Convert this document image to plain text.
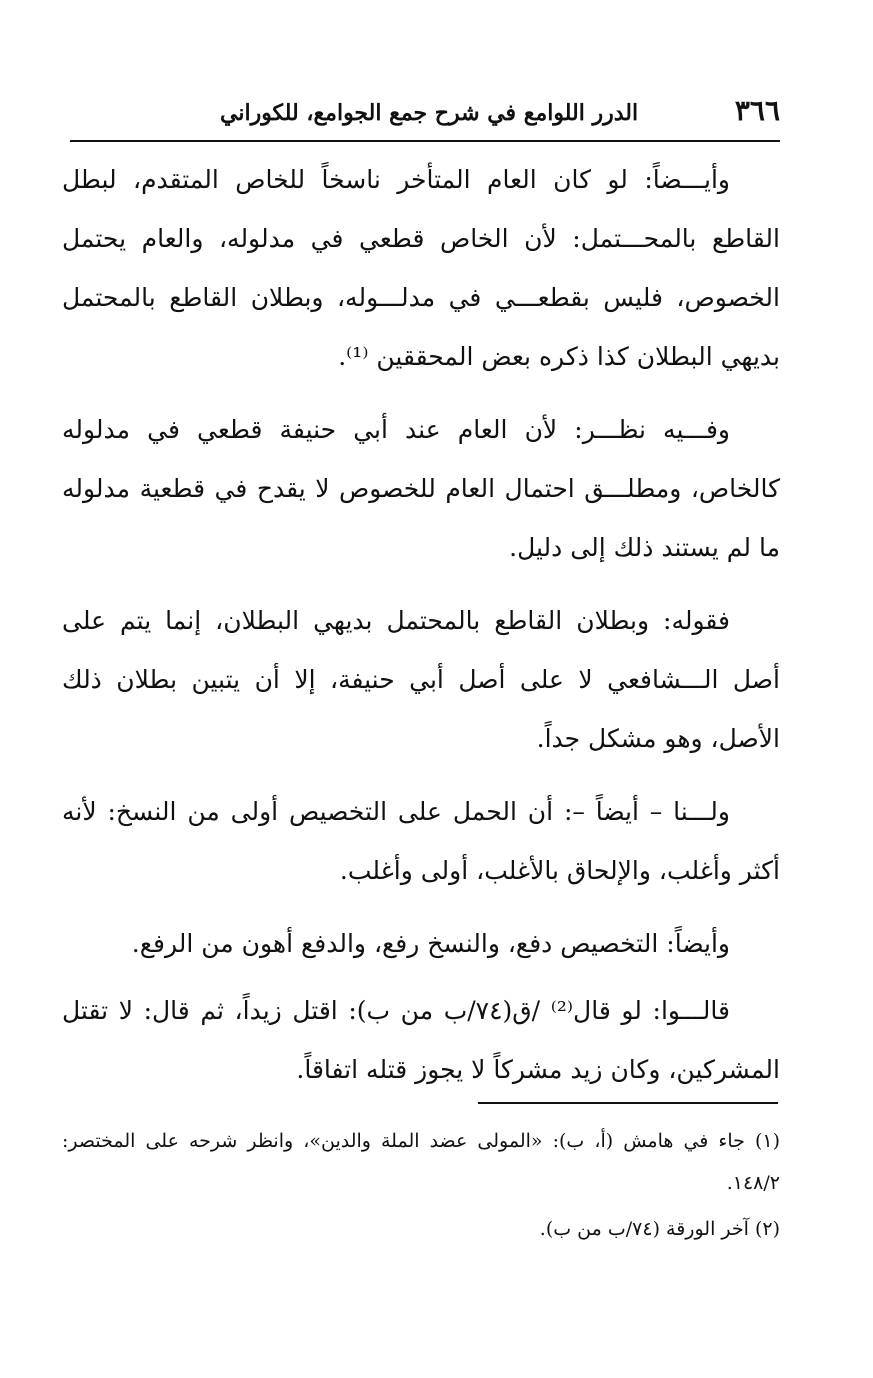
٣٦٦
الدرر اللوامع في شرح جمع الجوامع، للكوراني

وأيـــضاً: لو كان العام المتأخر ناسخاً للخاص المتقدم، لبطل القاطع بالمحـــتمل: لأن الخاص قطعي في مدلوله، والعام يحتمل الخصوص، فليس بقطعـــي في مدلـــوله، وبطلان القاطع بالمحتمل بديهي البطلان كذا ذكره بعض المحققين ⁽¹⁾.

وفـــيه نظـــر: لأن العام عند أبي حنيفة قطعي في مدلوله كالخاص، ومطلـــق احتمال العام للخصوص لا يقدح في قطعية مدلوله ما لم يستند ذلك إلى دليل.

فقوله: وبطلان القاطع بالمحتمل بديهي البطلان، إنما يتم على أصل الـــشافعي لا على أصل أبي حنيفة، إلا أن يتبين بطلان ذلك الأصل، وهو مشكل جداً.

ولـــنا – أيضاً –: أن الحمل على التخصيص أولى من النسخ: لأنه أكثر وأغلب، والإلحاق بالأغلب، أولى وأغلب.

وأيضاً: التخصيص دفع، والنسخ رفع، والدفع أهون من الرفع.

قالـــوا: لو قال⁽²⁾ /ق(٧٤/ب من ب): اقتل زيداً، ثم قال: لا تقتل المشركين، وكان زيد مشركاً لا يجوز قتله اتفاقاً.

(١) جاء في هامش (أ، ب): «المولى عضد الملة والدين»، وانظر شرحه على المختصر: ١٤٨/٢.

(٢) آخر الورقة (٧٤/ب من ب).
